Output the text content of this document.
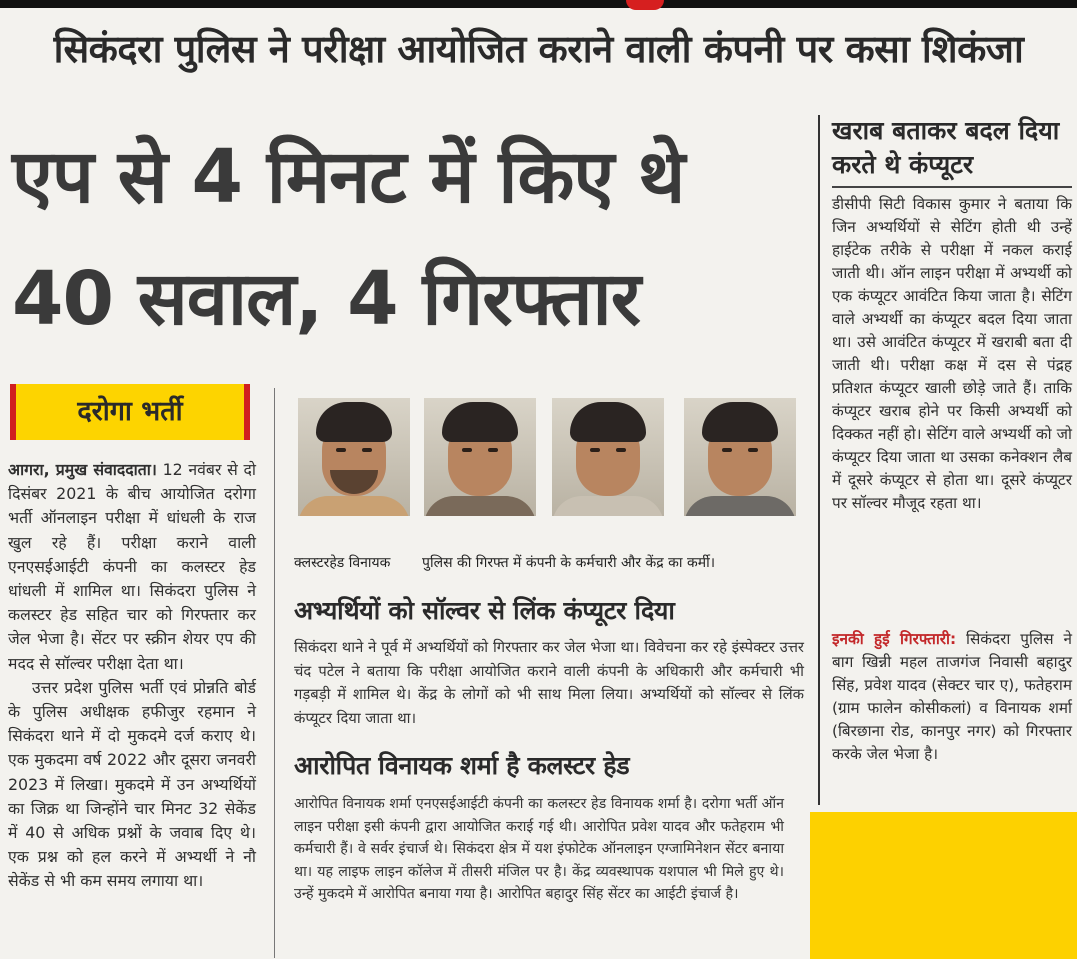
सिकंदरा पुलिस ने परीक्षा आयोजित कराने वाली कंपनी पर कसा शिकंजा
एप से 4 मिनट में किए थे
40 सवाल, 4 गिरफ्तार
दरोगा भर्ती

आगरा, प्रमुख संवाददाता। 12 नवंबर से दो दिसंबर 2021 के बीच आयोजित दरोगा भर्ती ऑनलाइन परीक्षा में धांधली के राज खुल रहे हैं। परीक्षा कराने वाली एनएसईआईटी कंपनी का कलस्टर हेड धांधली में शामिल था। सिकंदरा पुलिस ने कलस्टर हेड सहित चार को गिरफ्तार कर जेल भेजा है। सेंटर पर स्क्रीन शेयर एप की मदद से सॉल्वर परीक्षा देता था।

उत्तर प्रदेश पुलिस भर्ती एवं प्रोन्नति बोर्ड के पुलिस अधीक्षक हफीजुर रहमान ने सिकंदरा थाने में दो मुकदमे दर्ज कराए थे। एक मुकदमा वर्ष 2022 और दूसरा जनवरी 2023 में लिखा। मुकदमे में उन अभ्यर्थियों का जिक्र था जिन्होंने चार मिनट 32 सेकेंड में 40 से अधिक प्रश्नों के जवाब दिए थे। एक प्रश्न को हल करने में अभ्यर्थी ने नौ सेकेंड से भी कम समय लगाया था।

क्लस्टरहेड विनायक पुलिस की गिरफ्त में कंपनी के कर्मचारी और केंद्र का कर्मी।
अभ्यर्थियों को सॉल्वर से लिंक कंप्यूटर दिया
सिकंदरा थाने ने पूर्व में अभ्यर्थियों को गिरफ्तार कर जेल भेजा था। विवेचना कर रहे इंस्पेक्टर उत्तर चंद पटेल ने बताया कि परीक्षा आयोजित कराने वाली कंपनी के अधिकारी और कर्मचारी भी गड़बड़ी में शामिल थे। केंद्र के लोगों को भी साथ मिला लिया। अभ्यर्थियों को सॉल्वर से लिंक कंप्यूटर दिया जाता था।
आरोपित विनायक शर्मा है कलस्टर हेड
आरोपित विनायक शर्मा एनएसईआईटी कंपनी का कलस्टर हेड विनायक शर्मा है। दरोगा भर्ती ऑन लाइन परीक्षा इसी कंपनी द्वारा आयोजित कराई गई थी। आरोपित प्रवेश यादव और फतेहराम भी कर्मचारी हैं। वे सर्वर इंचार्ज थे। सिकंदरा क्षेत्र में यश इंफोटेक ऑनलाइन एग्जामिनेशन सेंटर बनाया था। यह लाइफ लाइन कॉलेज में तीसरी मंजिल पर है। केंद्र व्यवस्थापक यशपाल भी मिले हुए थे। उन्हें मुकदमे में आरोपित बनाया गया है। आरोपित बहादुर सिंह सेंटर का आईटी इंचार्ज है।
खराब बताकर बदल दिया करते थे कंप्यूटर
डीसीपी सिटी विकास कुमार ने बताया कि जिन अभ्यर्थियों से सेटिंग होती थी उन्हें हाईटेक तरीके से परीक्षा में नकल कराई जाती थी। ऑन लाइन परीक्षा में अभ्यर्थी को एक कंप्यूटर आवंटित किया जाता है। सेटिंग वाले अभ्यर्थी का कंप्यूटर बदल दिया जाता था। उसे आवंटित कंप्यूटर में खराबी बता दी जाती थी। परीक्षा कक्ष में दस से पंद्रह प्रतिशत कंप्यूटर खाली छोड़े जाते हैं। ताकि कंप्यूटर खराब होने पर किसी अभ्यर्थी को दिक्कत नहीं हो। सेटिंग वाले अभ्यर्थी को जो कंप्यूटर दिया जाता था उसका कनेक्शन लैब में दूसरे कंप्यूटर से होता था। दूसरे कंप्यूटर पर सॉल्वर मौजूद रहता था।
इनकी हुई गिरफ्तारी: सिकंदरा पुलिस ने बाग खिन्नी महल ताजगंज निवासी बहादुर सिंह, प्रवेश यादव (सेक्टर चार ए), फतेहराम (ग्राम फालेन कोसीकलां) व विनायक शर्मा (बिरछाना रोड, कानपुर नगर) को गिरफ्तार करके जेल भेजा है।
